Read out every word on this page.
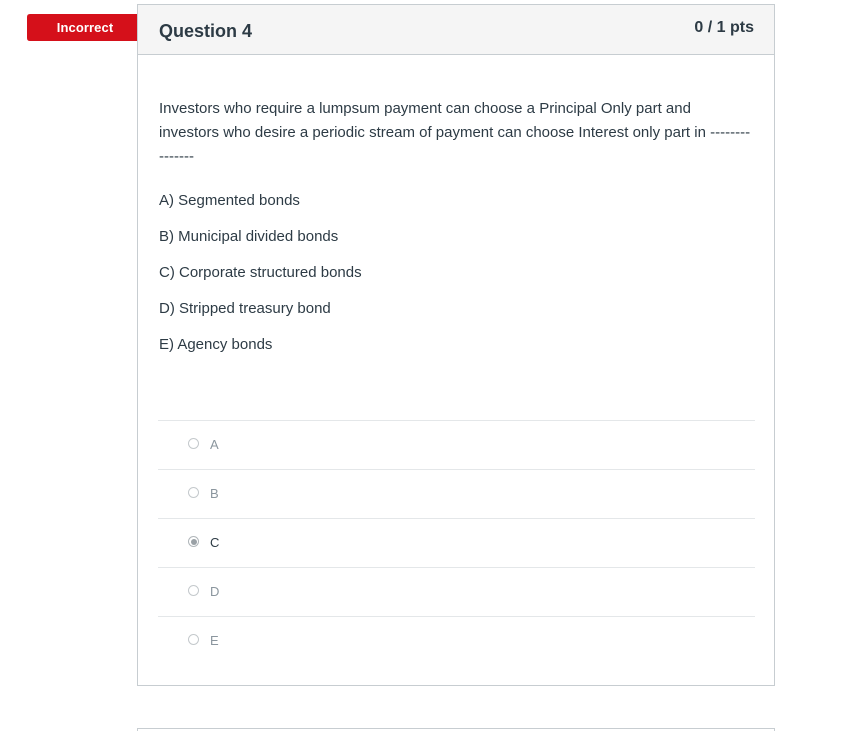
Incorrect	Question 4	0 / 1 pts

Investors who require a lumpsum payment can choose a Principal Only part and investors who desire a periodic stream of payment can choose Interest only part in ---------------

A) Segmented bonds

B) Municipal divided bonds

C) Corporate structured bonds

D) Stripped treasury bond

E) Agency bonds

A
B
C
D
E
